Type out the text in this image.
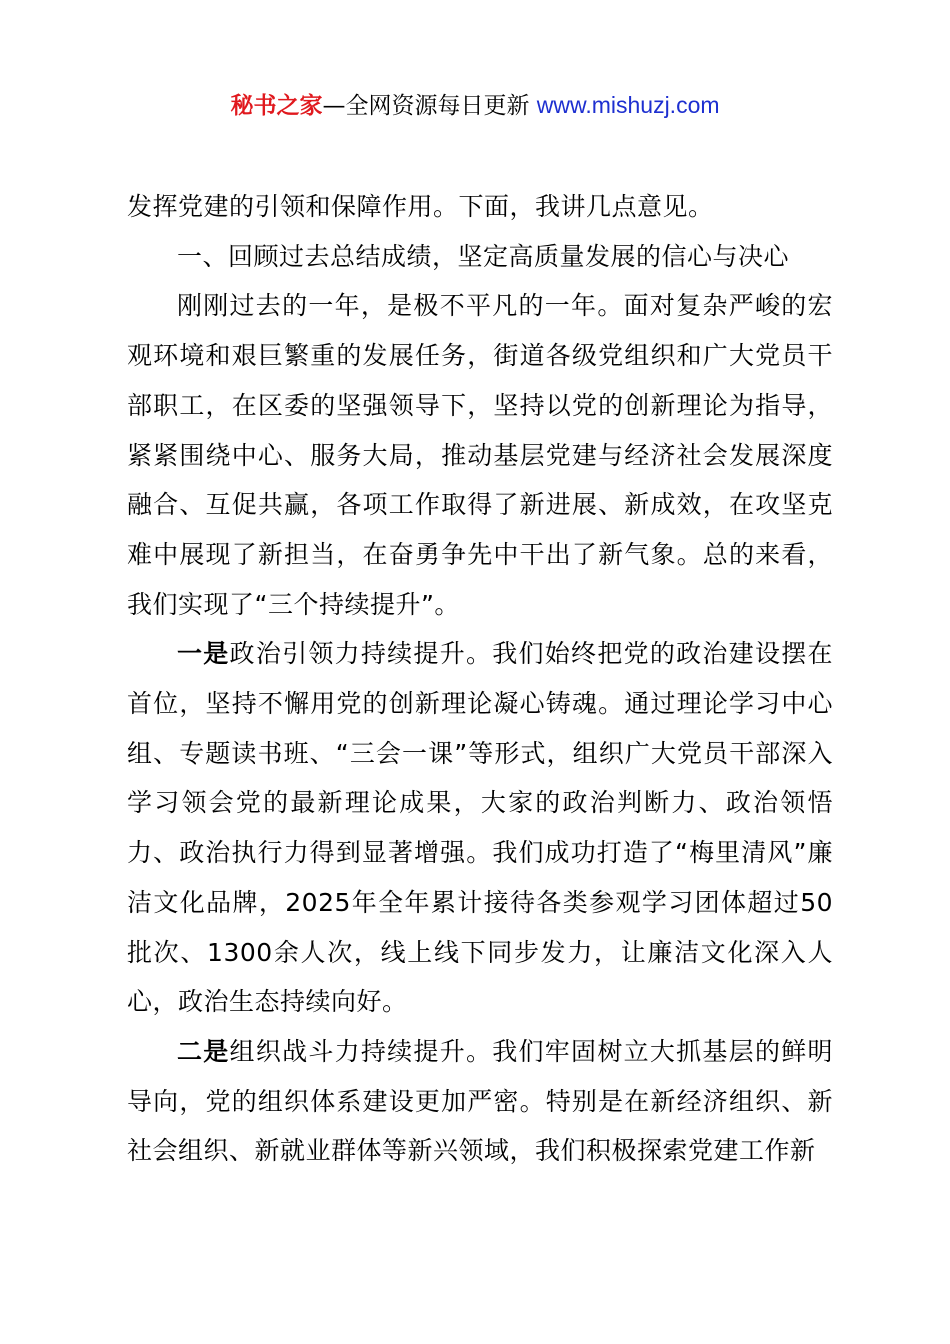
秘书之家—全网资源每日更新 www.mishuzj.com

发挥党建的引领和保障作用。下面，我讲几点意见。

一、回顾过去总结成绩，坚定高质量发展的信心与决心

刚刚过去的一年，是极不平凡的一年。面对复杂严峻的宏观环境和艰巨繁重的发展任务，街道各级党组织和广大党员干部职工，在区委的坚强领导下，坚持以党的创新理论为指导，紧紧围绕中心、服务大局，推动基层党建与经济社会发展深度融合、互促共赢，各项工作取得了新进展、新成效，在攻坚克难中展现了新担当，在奋勇争先中干出了新气象。总的来看，我们实现了“三个持续提升”。

一是政治引领力持续提升。我们始终把党的政治建设摆在首位，坚持不懈用党的创新理论凝心铸魂。通过理论学习中心组、专题读书班、“三会一课”等形式，组织广大党员干部深入学习领会党的最新理论成果，大家的政治判断力、政治领悟力、政治执行力得到显著增强。我们成功打造了“梅里清风”廉洁文化品牌，2025年全年累计接待各类参观学习团体超过50批次、1300余人次，线上线下同步发力，让廉洁文化深入人心，政治生态持续向好。

二是组织战斗力持续提升。我们牢固树立大抓基层的鲜明导向，党的组织体系建设更加严密。特别是在新经济组织、新社会组织、新就业群体等新兴领域，我们积极探索党建工作新
